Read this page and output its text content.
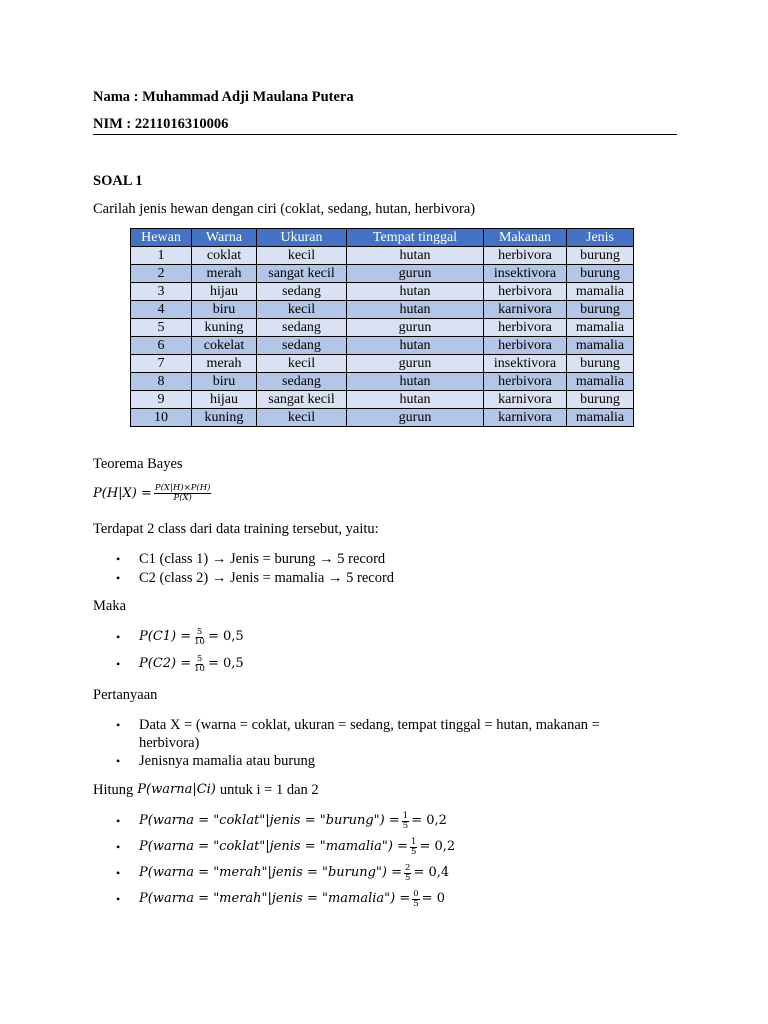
Nama : Muhammad Adji Maulana Putera
NIM : 2211016310006
SOAL 1
Carilah jenis hewan dengan ciri (coklat, sedang, hutan, herbivora)
Hewan	Warna	Ukuran	Tempat tinggal	Makanan	Jenis
1	coklat	kecil	hutan	herbivora	burung
2	merah	sangat kecil	gurun	insektivora	burung
3	hijau	sedang	hutan	herbivora	mamalia
4	biru	kecil	hutan	karnivora	burung
5	kuning	sedang	gurun	herbivora	mamalia
6	cokelat	sedang	hutan	herbivora	mamalia
7	merah	kecil	gurun	insektivora	burung
8	biru	sedang	hutan	herbivora	mamalia
9	hijau	sangat kecil	hutan	karnivora	burung
10	kuning	kecil	gurun	karnivora	mamalia
Teorema Bayes
$P(H|X) = \frac{P(X|H)\times P(H)}{P(X)}$
Terdapat 2 class dari data training tersebut, yaitu:
• C1 (class 1) → Jenis = burung → 5 record
• C2 (class 2) → Jenis = mamalia → 5 record
Maka
• $P(C1) = \frac{5}{10} = 0,5$
• $P(C2) = \frac{5}{10} = 0,5$
Pertanyaan
• Data X = (warna = coklat, ukuran = sedang, tempat tinggal = hutan, makanan =
herbivora)
• Jenisnya mamalia atau burung
Hitung P(warna|Ci) untuk i = 1 dan 2
• P(warna = "coklat"|jenis = "burung") = $\frac{1}{5} = 0,2$
• P(warna = "coklat"|jenis = "mamalia") = $\frac{1}{5} = 0,2$
• P(warna = "merah"|jenis = "burung") = $\frac{2}{5} = 0,4$
• P(warna = "merah"|jenis = "mamalia") = $\frac{0}{5} = 0$
